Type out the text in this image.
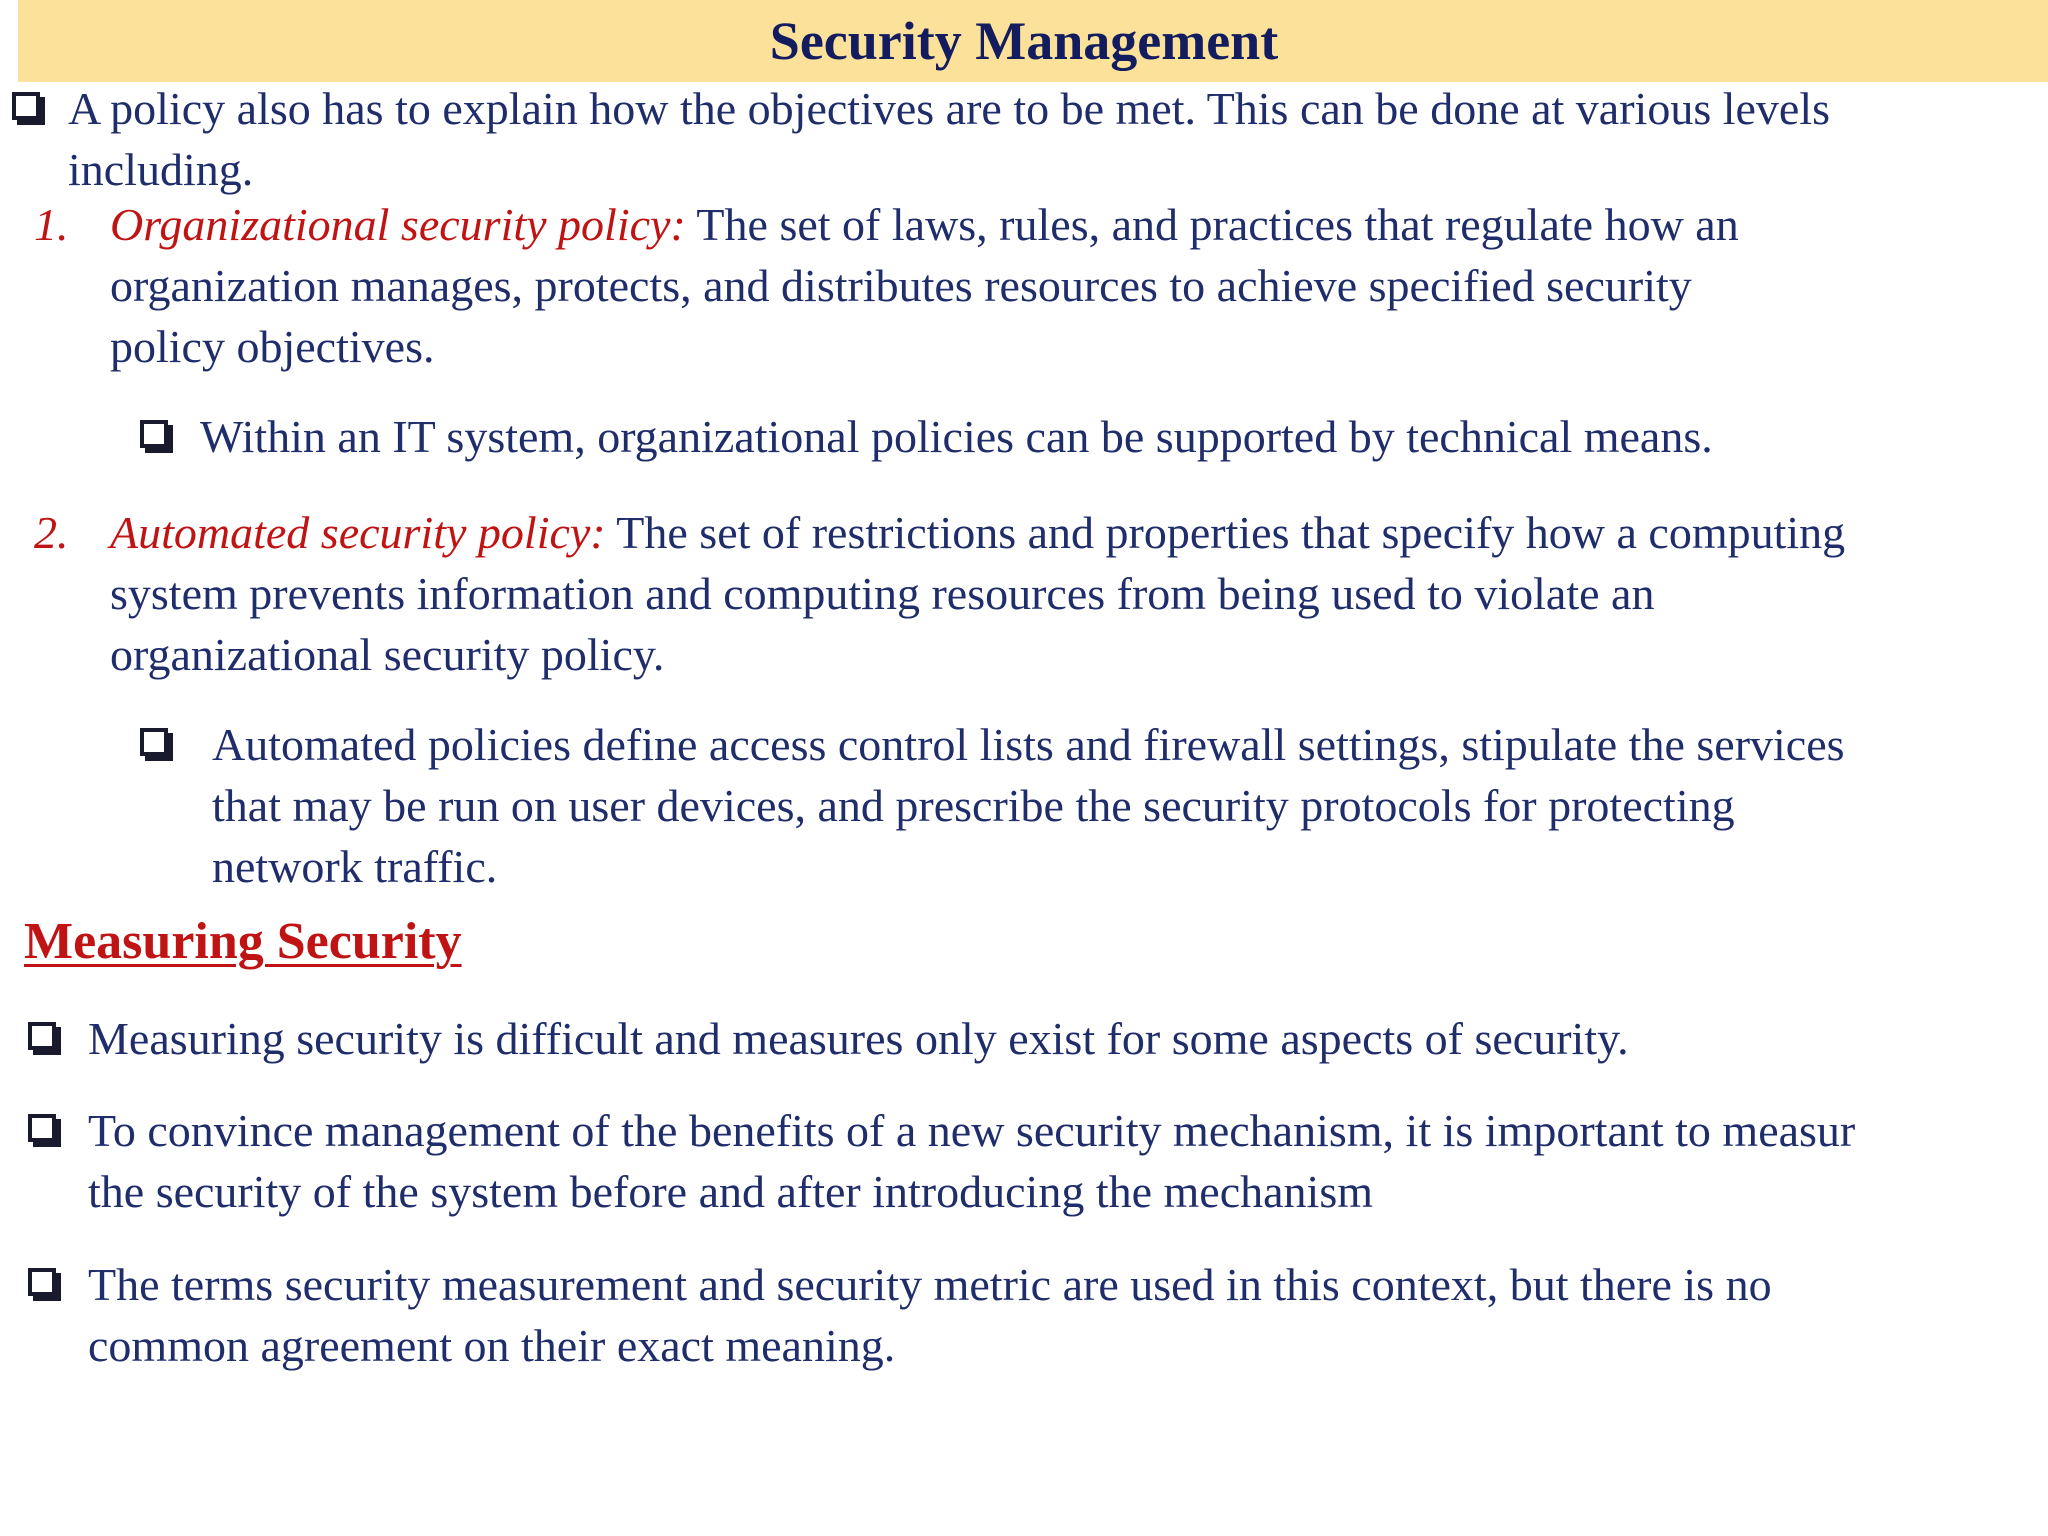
Security Management
A policy also has to explain how the objectives are to be met. This can be done at various levels
including.
1. Organizational security policy: The set of laws, rules, and practices that regulate how an
organization manages, protects, and distributes resources to achieve specified security
policy objectives.
Within an IT system, organizational policies can be supported by technical means.
2. Automated security policy: The set of restrictions and properties that specify how a computing
system prevents information and computing resources from being used to violate an
organizational security policy.
Automated policies define access control lists and firewall settings, stipulate the services
that may be run on user devices, and prescribe the security protocols for protecting
network traffic.
Measuring Security
Measuring security is difficult and measures only exist for some aspects of security.
To convince management of the benefits of a new security mechanism, it is important to measur
the security of the system before and after introducing the mechanism
The terms security measurement and security metric are used in this context, but there is no
common agreement on their exact meaning.
